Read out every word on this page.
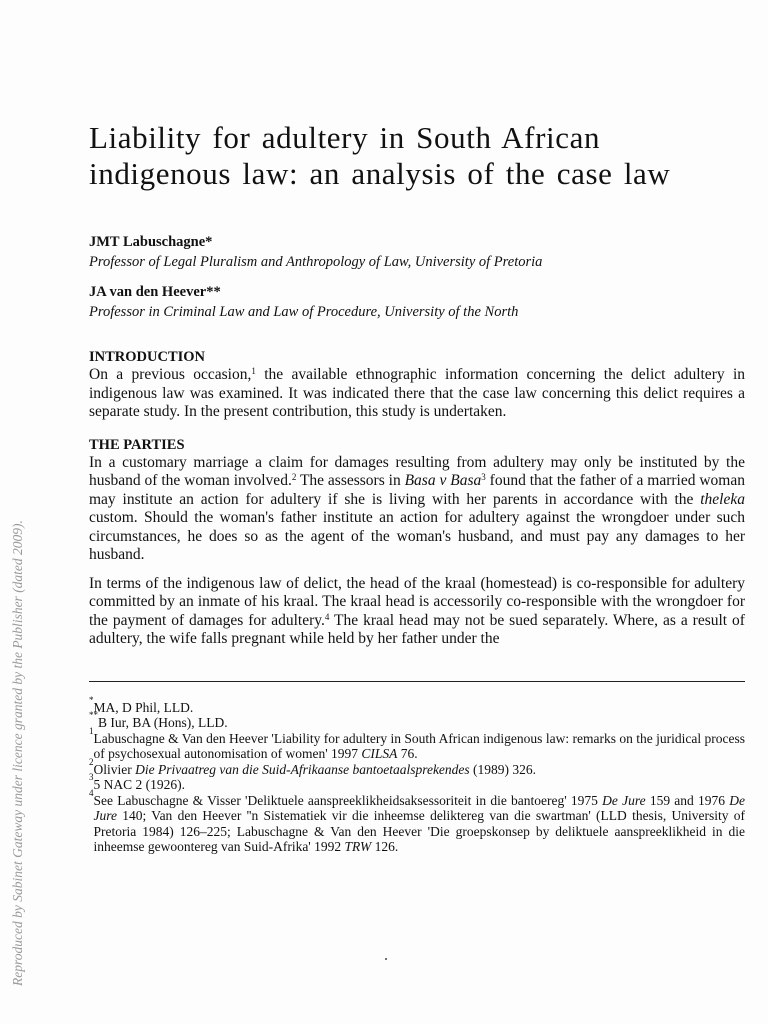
Reproduced by Sabinet Gateway under licence granted by the Publisher (dated 2009).
Liability for adultery in South African indigenous law: an analysis of the case law
JMT Labuschagne*
Professor of Legal Pluralism and Anthropology of Law, University of Pretoria
JA van den Heever**
Professor in Criminal Law and Law of Procedure, University of the North
INTRODUCTION

On a previous occasion,$^1$ the available ethnographic information concerning the delict adultery in indigenous law was examined. It was indicated there that the case law concerning this delict requires a separate study. In the present contribution, this study is undertaken.

THE PARTIES

In a customary marriage a claim for damages resulting from adultery may only be instituted by the husband of the woman involved.$^2$ The assessors in Basa v Basa$^3$ found that the father of a married woman may institute an action for adultery if she is living with her parents in accordance with the theleka custom. Should the woman's father institute an action for adultery against the wrongdoer under such circumstances, he does so as the agent of the woman's husband, and must pay any damages to her husband.

In terms of the indigenous law of delict, the head of the kraal (homestead) is co-responsible for adultery committed by an inmate of his kraal. The kraal head is accessorily co-responsible with the wrongdoer for the payment of damages for adultery.$^4$ The kraal head may not be sued separately. Where, as a result of adultery, the wife falls pregnant while held by her father under the

* MA, D Phil, LLD.
** B Iur, BA (Hons), LLD.
1 Labuschagne & Van den Heever 'Liability for adultery in South African indigenous law: remarks on the juridical process of psychosexual autonomisation of women' 1997 CILSA 76.
2 Olivier Die Privaatreg van die Suid-Afrikaanse bantoetaalsprekendes (1989) 326.
3 5 NAC 2 (1926).
4 See Labuschagne & Visser 'Deliktuele aanspreeklikheidsaksessoriteit in die bantoereg' 1975 De Jure 159 and 1976 De Jure 140; Van den Heever ''n Sistematiek vir die inheemse deliktereg van die swartman' (LLD thesis, University of Pretoria 1984) 126–225; Labuschagne & Van den Heever 'Die groepskonsep by deliktuele aanspreeklikheid in die inheemse gewoontereg van Suid-Afrika' 1992 TRW 126.
